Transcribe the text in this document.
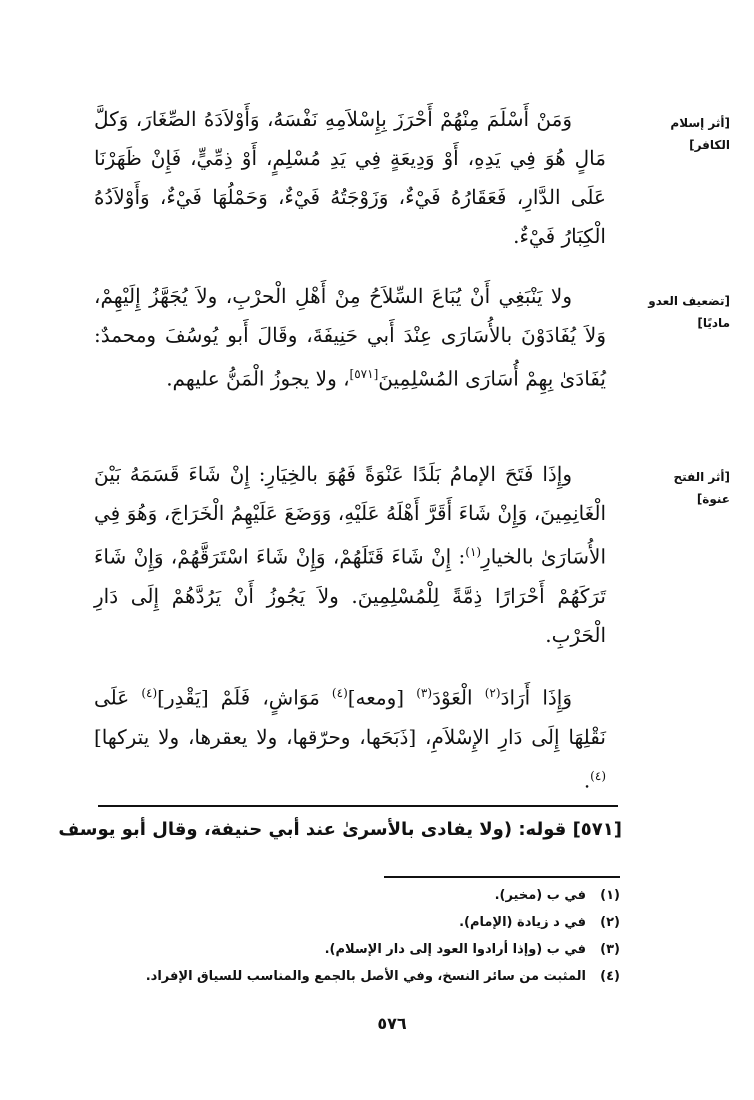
[أثر إسلام
الكافر]
[تضعيف العدو
ماديًا]
[أثر الفتح
عنوة]

وَمَنْ أَسْلَمَ مِنْهُمْ أَحْرَزَ بِإِسْلاَمِهِ نَفْسَهُ، وَأَوْلاَدَهُ الصِّغَارَ، وَكلَّ مَالٍ هُوَ فِي يَدِهِ، أَوْ وَدِيعَةٍ فِي يَدِ مُسْلِمٍ، أَوْ ذِمِّيٍّ، فَإِنْ ظَهَرْنَا عَلَى الدَّارِ، فَعَقَارُهُ فَيْءٌ، وَزَوْجَتُهُ فَيْءٌ، وَحَمْلُهَا فَيْءٌ، وَأَوْلاَدُهُ الْكِبَارُ فَيْءٌ.

ولا يَنْبَغِي أَنْ يُبَاعَ السِّلاَحُ مِنْ أَهْلِ الْحرْبِ، ولاَ يُجَهَّزُ إِلَيْهِمْ، وَلاَ يُفَادَوْنَ بالأُسَارَى عِنْدَ أَبي حَنِيفَةَ، وقَالَ أَبو يُوسُفَ ومحمدٌ: يُفَادَىٰ بِهِمْ أُسَارَى المُسْلِمِينَ[٥٧١]، ولا يجوزُ الْمَنُّ عليهم.

وإِذَا فَتَحَ الإمامُ بَلَدًا عَنْوَةً فَهُوَ بالخِيَارِ: إِنْ شَاءَ قَسَمَهُ بَيْنَ الْغَانِمِينَ، وَإِنْ شَاءَ أَقَرَّ أَهْلَهُ عَلَيْهِ، وَوَضَعَ عَلَيْهِمُ الْخَرَاجَ، وَهُوَ فِي الأُسَارَىٰ بالخيارِ$^{(١)}$: إِنْ شَاءَ قَتَلَهُمْ، وَإِنْ شَاءَ اسْتَرَقَّهُمْ، وَإِنْ شَاءَ تَرَكَهُمْ أَحْرَارًا ذِمَّةً لِلْمُسْلِمِينَ. ولاَ يَجُوزُ أَنْ يَرُدَّهُمْ إِلَى دَارِ الْحَرْبِ.

وَإِذَا أَرَادَ$^{(٢)}$ الْعَوْدَ$^{(٣)}$ [ومعه]$^{(٤)}$ مَوَاشٍ، فَلَمْ [يَقْدِر]$^{(٤)}$ عَلَى نَقْلِهَا إِلَى دَارِ الإِسْلاَمِ، [ذَبَحَها، وحرّقها، ولا يعقرها، ولا يتركها]$^{(٤)}$.

[٥٧١] قوله: (ولا يفادى بالأسرىٰ عند أبي حنيفة، وقال أبو يوسف
(١)في ب (مخير).
(٢)في د زيادة (الإمام).
(٣)في ب (وإذا أرادوا العود إلى دار الإسلام).
(٤)المثبت من سائر النسخ، وفي الأصل بالجمع والمناسب للسياق الإفراد.
٥٧٦
